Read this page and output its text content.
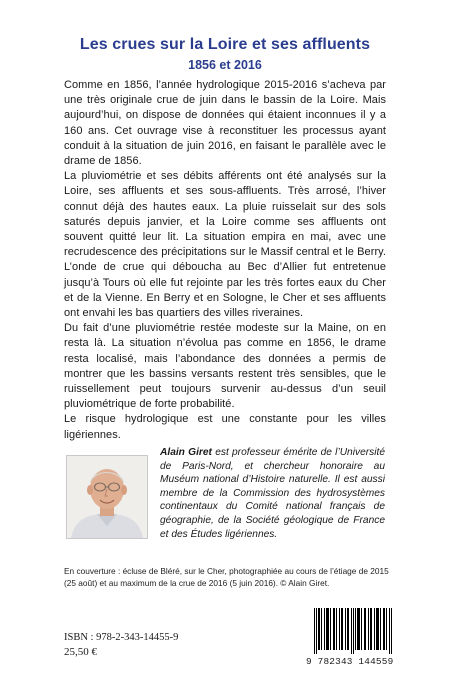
Les crues sur la Loire et ses affluents
1856 et 2016

Comme en 1856, l’année hydrologique 2015-2016 s’acheva par une très originale crue de juin dans le bassin de la Loire. Mais aujourd’hui, on dispose de données qui étaient inconnues il y a 160 ans. Cet ouvrage vise à reconstituer les processus ayant conduit à la situation de juin 2016, en faisant le parallèle avec le drame de 1856.

La pluviométrie et ses débits afférents ont été analysés sur la Loire, ses affluents et ses sous-affluents. Très arrosé, l’hiver connut déjà des hautes eaux. La pluie ruisselait sur des sols saturés depuis janvier, et la Loire comme ses affluents ont souvent quitté leur lit. La situation empira en mai, avec une recrudescence des précipitations sur le Massif central et le Berry. L’onde de crue qui déboucha au Bec d’Allier fut entretenue jusqu’à Tours où elle fut rejointe par les très fortes eaux du Cher et de la Vienne. En Berry et en Sologne, le Cher et ses affluents ont envahi les bas quartiers des villes riveraines.

Du fait d’une pluviométrie restée modeste sur la Maine, on en resta là. La situation n’évolua pas comme en 1856, le drame resta localisé, mais l’abondance des données a permis de montrer que les bassins versants restent très sensibles, que le ruissellement peut toujours survenir au-dessus d’un seuil pluviométrique de forte probabilité.

Le risque hydrologique est une constante pour les villes ligériennes.

Alain Giret est professeur émérite de l’Université de Paris-Nord, et chercheur honoraire au Muséum national d’Histoire naturelle. Il est aussi membre de la Commission des hydrosystèmes continentaux du Comité national français de géographie, de la Société géologique de France et des Études ligériennes.
En couverture : écluse de Bléré, sur le Cher, photographiée au cours de l’étiage de 2015 (25 août) et au maximum de la crue de 2016 (5 juin 2016). © Alain Giret.
ISBN : 978-2-343-14455-9
25,50 €
9 782343 144559
